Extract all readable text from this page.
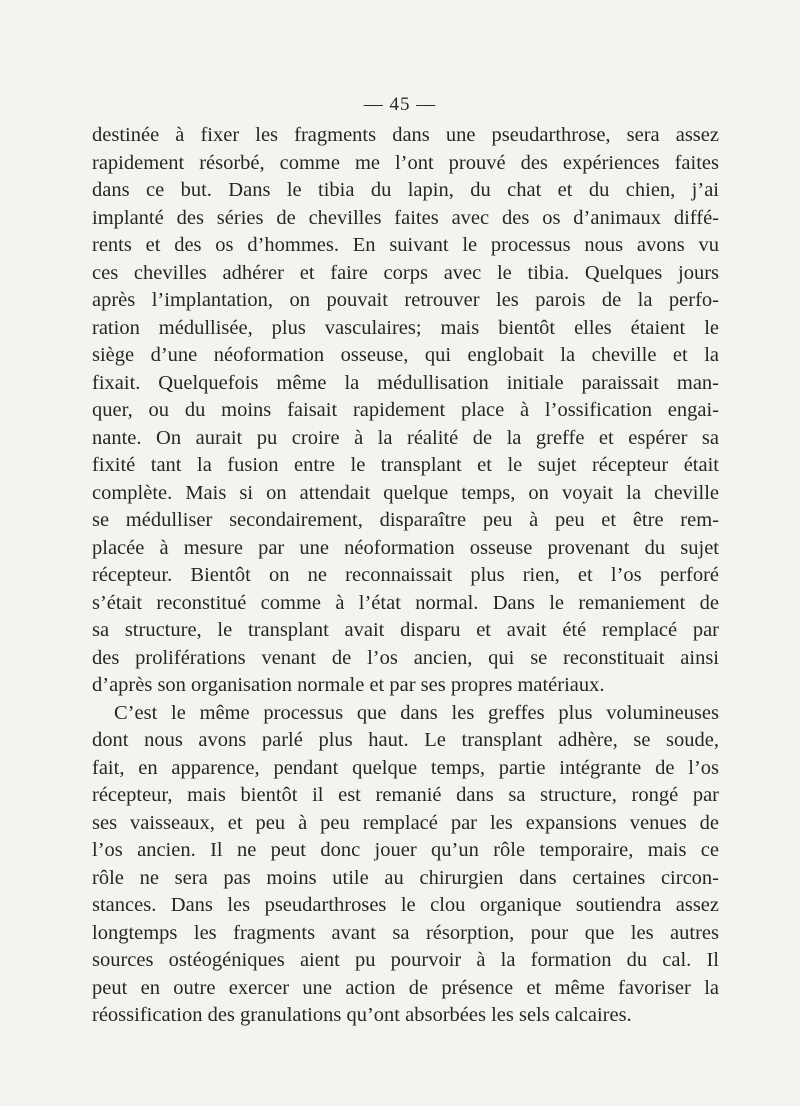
— 45 —
destinée à fixer les fragments dans une pseudarthrose, sera assez
rapidement résorbé, comme me l’ont prouvé des expériences faites
dans ce but. Dans le tibia du lapin, du chat et du chien, j’ai
implanté des séries de chevilles faites avec des os d’animaux diffé-
rents et des os d’hommes. En suivant le processus nous avons vu
ces chevilles adhérer et faire corps avec le tibia. Quelques jours
après l’implantation, on pouvait retrouver les parois de la perfo-
ration médullisée, plus vasculaires; mais bientôt elles étaient le
siège d’une néoformation osseuse, qui englobait la cheville et la
fixait. Quelquefois même la médullisation initiale paraissait man-
quer, ou du moins faisait rapidement place à l’ossification engai-
nante. On aurait pu croire à la réalité de la greffe et espérer sa
fixité tant la fusion entre le transplant et le sujet récepteur était
complète. Mais si on attendait quelque temps, on voyait la cheville
se médulliser secondairement, disparaître peu à peu et être rem-
placée à mesure par une néoformation osseuse provenant du sujet
récepteur. Bientôt on ne reconnaissait plus rien, et l’os perforé
s’était reconstitué comme à l’état normal. Dans le remaniement de
sa structure, le transplant avait disparu et avait été remplacé par
des proliférations venant de l’os ancien, qui se reconstituait ainsi
d’après son organisation normale et par ses propres matériaux.
C’est le même processus que dans les greffes plus volumineuses
dont nous avons parlé plus haut. Le transplant adhère, se soude,
fait, en apparence, pendant quelque temps, partie intégrante de l’os
récepteur, mais bientôt il est remanié dans sa structure, rongé par
ses vaisseaux, et peu à peu remplacé par les expansions venues de
l’os ancien. Il ne peut donc jouer qu’un rôle temporaire, mais ce
rôle ne sera pas moins utile au chirurgien dans certaines circon-
stances. Dans les pseudarthroses le clou organique soutiendra assez
longtemps les fragments avant sa résorption, pour que les autres
sources ostéogéniques aient pu pourvoir à la formation du cal. Il
peut en outre exercer une action de présence et même favoriser la
réossification des granulations qu’ont absorbées les sels calcaires.
